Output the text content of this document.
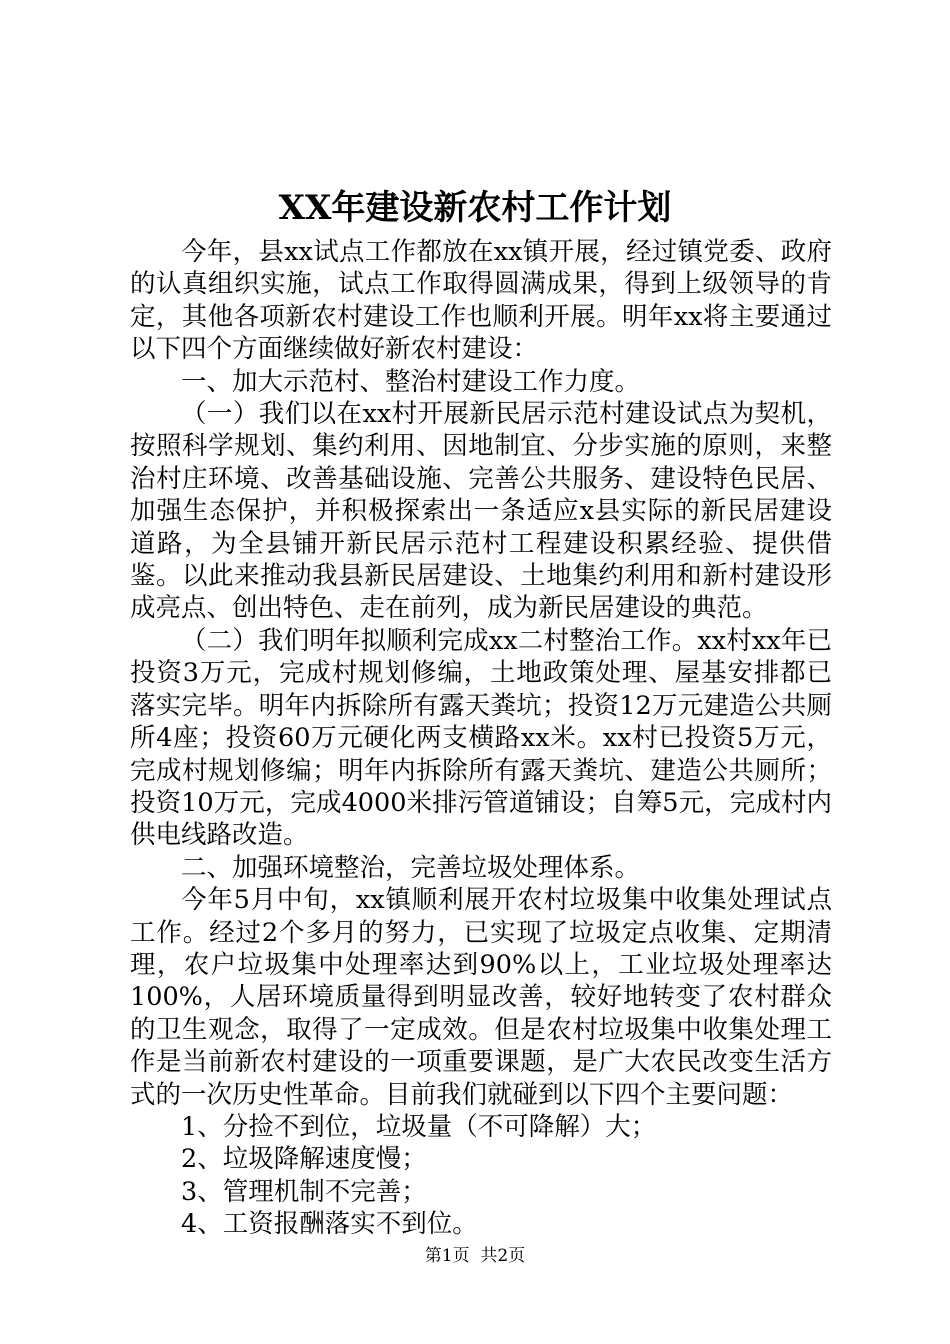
XX年建设新农村工作计划

今年，县xx试点工作都放在xx镇开展，经过镇党委、政府的认真组织实施，试点工作取得圆满成果，得到上级领导的肯定，其他各项新农村建设工作也顺利开展。明年xx将主要通过以下四个方面继续做好新农村建设：

一、加大示范村、整治村建设工作力度。

（一）我们以在xx村开展新民居示范村建设试点为契机，按照科学规划、集约利用、因地制宜、分步实施的原则，来整治村庄环境、改善基础设施、完善公共服务、建设特色民居、加强生态保护，并积极探索出一条适应x县实际的新民居建设道路，为全县铺开新民居示范村工程建设积累经验、提供借鉴。以此来推动我县新民居建设、土地集约利用和新村建设形成亮点、创出特色、走在前列，成为新民居建设的典范。

（二）我们明年拟顺利完成xx二村整治工作。xx村xx年已投资3万元，完成村规划修编，土地政策处理、屋基安排都已落实完毕。明年内拆除所有露天粪坑；投资12万元建造公共厕所4座；投资60万元硬化两支横路xx米。xx村已投资5万元，完成村规划修编；明年内拆除所有露天粪坑、建造公共厕所；投资10万元，完成4000米排污管道铺设；自筹5元，完成村内供电线路改造。

二、加强环境整治，完善垃圾处理体系。

今年5月中旬，xx镇顺利展开农村垃圾集中收集处理试点工作。经过2个多月的努力，已实现了垃圾定点收集、定期清理，农户垃圾集中处理率达到90%以上，工业垃圾处理率达100%，人居环境质量得到明显改善，较好地转变了农村群众的卫生观念，取得了一定成效。但是农村垃圾集中收集处理工作是当前新农村建设的一项重要课题，是广大农民改变生活方式的一次历史性革命。目前我们就碰到以下四个主要问题：

1、分捡不到位，垃圾量（不可降解）大；

2、垃圾降解速度慢；

3、管理机制不完善；

4、工资报酬落实不到位。

第1页 共2页
